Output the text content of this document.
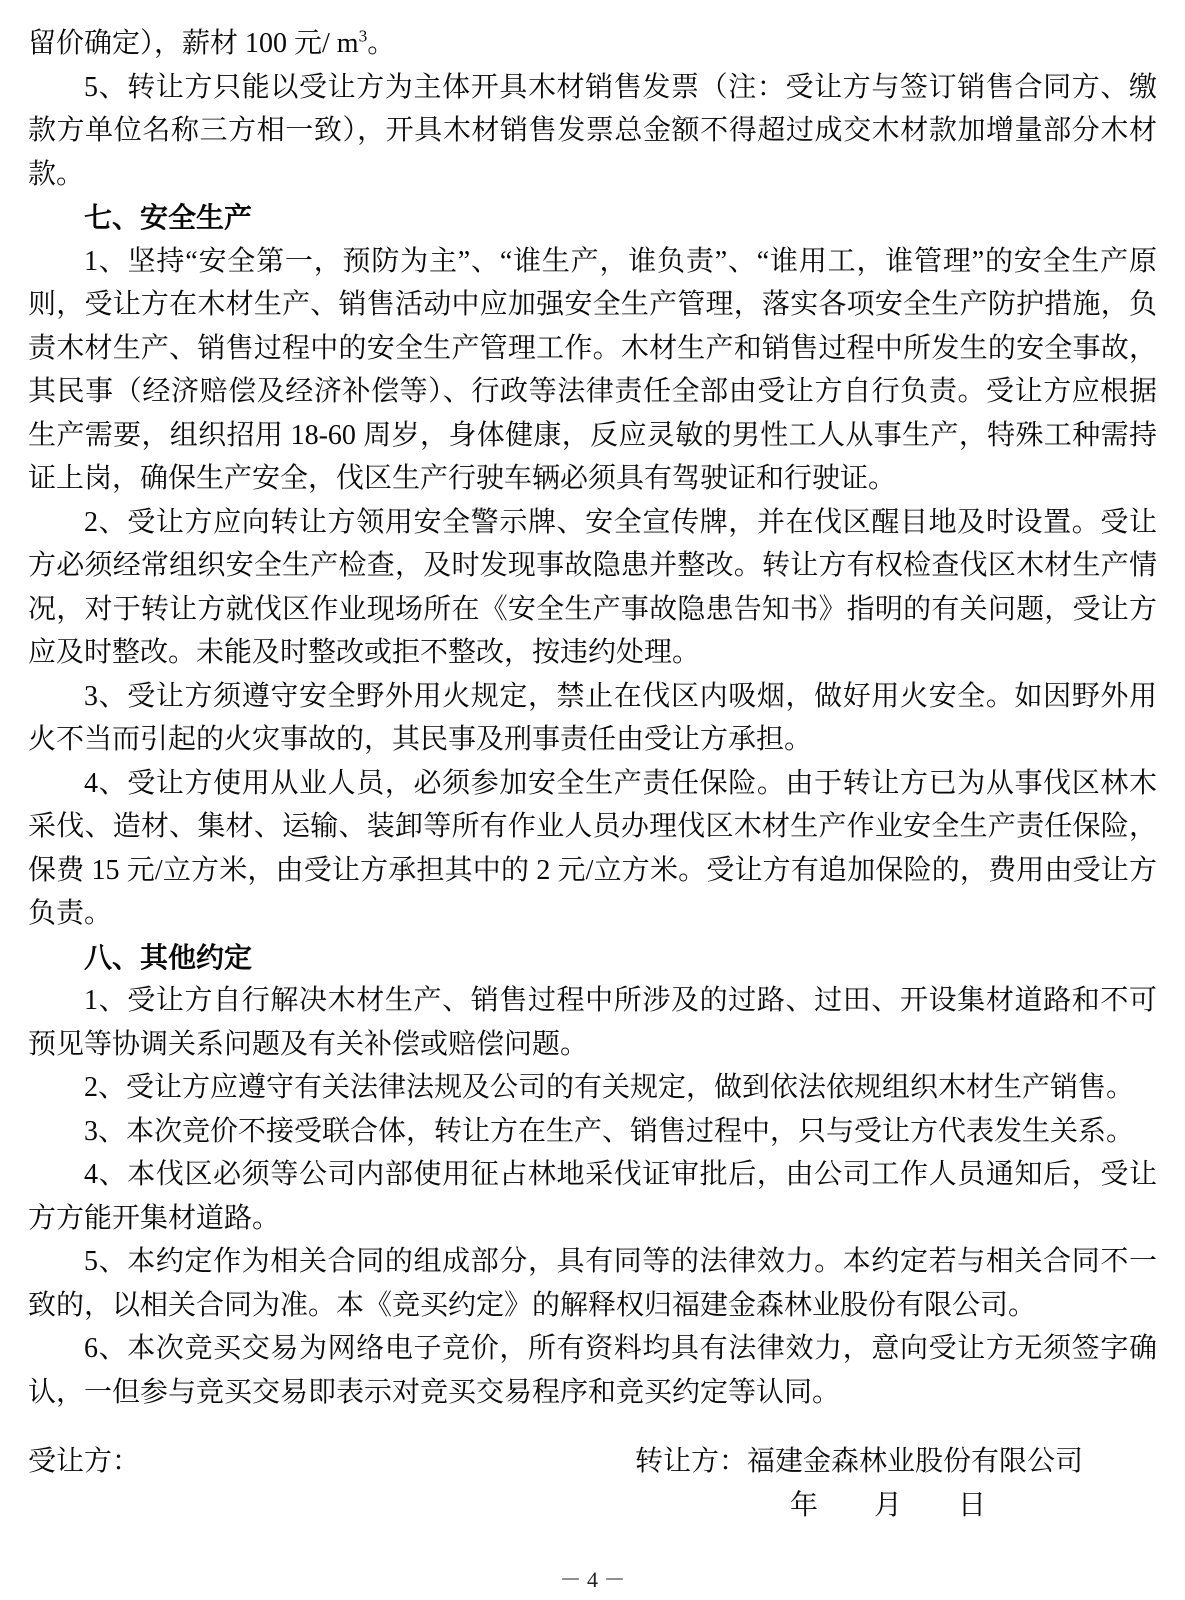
留价确定），薪材 100 元/ $m^3$。

5、转让方只能以受让方为主体开具木材销售发票（注：受让方与签订销售合同方、缴款方单位名称三方相一致），开具木材销售发票总金额不得超过成交木材款加增量部分木材款。

七、安全生产

1、坚持“安全第一，预防为主”、“谁生产，谁负责”、“谁用工，谁管理”的安全生产原则，受让方在木材生产、销售活动中应加强安全生产管理，落实各项安全生产防护措施，负责木材生产、销售过程中的安全生产管理工作。木材生产和销售过程中所发生的安全事故，其民事（经济赔偿及经济补偿等）、行政等法律责任全部由受让方自行负责。受让方应根据生产需要，组织招用 18-60 周岁，身体健康，反应灵敏的男性工人从事生产，特殊工种需持证上岗，确保生产安全，伐区生产行驶车辆必须具有驾驶证和行驶证。

2、受让方应向转让方领用安全警示牌、安全宣传牌，并在伐区醒目地及时设置。受让方必须经常组织安全生产检查，及时发现事故隐患并整改。转让方有权检查伐区木材生产情况，对于转让方就伐区作业现场所在《安全生产事故隐患告知书》指明的有关问题，受让方应及时整改。未能及时整改或拒不整改，按违约处理。

3、受让方须遵守安全野外用火规定，禁止在伐区内吸烟，做好用火安全。如因野外用火不当而引起的火灾事故的，其民事及刑事责任由受让方承担。

4、受让方使用从业人员，必须参加安全生产责任保险。由于转让方已为从事伐区林木采伐、造材、集材、运输、装卸等所有作业人员办理伐区木材生产作业安全生产责任保险，保费 15 元/立方米，由受让方承担其中的 2 元/立方米。受让方有追加保险的，费用由受让方负责。

八、其他约定

1、受让方自行解决木材生产、销售过程中所涉及的过路、过田、开设集材道路和不可预见等协调关系问题及有关补偿或赔偿问题。

2、受让方应遵守有关法律法规及公司的有关规定，做到依法依规组织木材生产销售。

3、本次竞价不接受联合体，转让方在生产、销售过程中，只与受让方代表发生关系。

4、本伐区必须等公司内部使用征占林地采伐证审批后，由公司工作人员通知后，受让方方能开集材道路。

5、本约定作为相关合同的组成部分，具有同等的法律效力。本约定若与相关合同不一致的，以相关合同为准。本《竞买约定》的解释权归福建金森林业股份有限公司。

6、本次竞买交易为网络电子竞价，所有资料均具有法律效力，意向受让方无须签字确认，一但参与竞买交易即表示对竞买交易程序和竞买约定等认同。

受让方：	转让方：福建金森林业股份有限公司
年　　月　　日
－ 4 －
